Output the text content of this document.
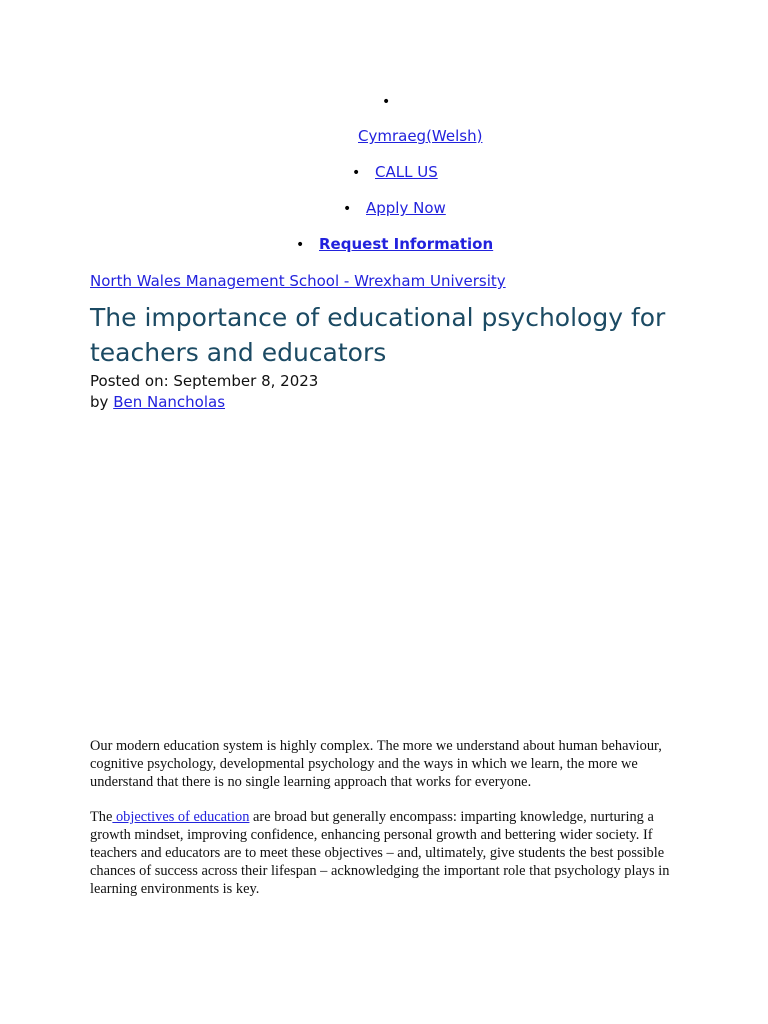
•
Cymraeg(Welsh)
• CALL US
• Apply Now
• Request Information
North Wales Management School - Wrexham University
The importance of educational psychology for teachers and educators
Posted on: September 8, 2023
by Ben Nancholas

Our modern education system is highly complex. The more we understand about human behaviour, cognitive psychology, developmental psychology and the ways in which we learn, the more we understand that there is no single learning approach that works for everyone.

The objectives of education are broad but generally encompass: imparting knowledge, nurturing a growth mindset, improving confidence, enhancing personal growth and bettering wider society. If teachers and educators are to meet these objectives – and, ultimately, give students the best possible chances of success across their lifespan – acknowledging the important role that psychology plays in learning environments is key.
